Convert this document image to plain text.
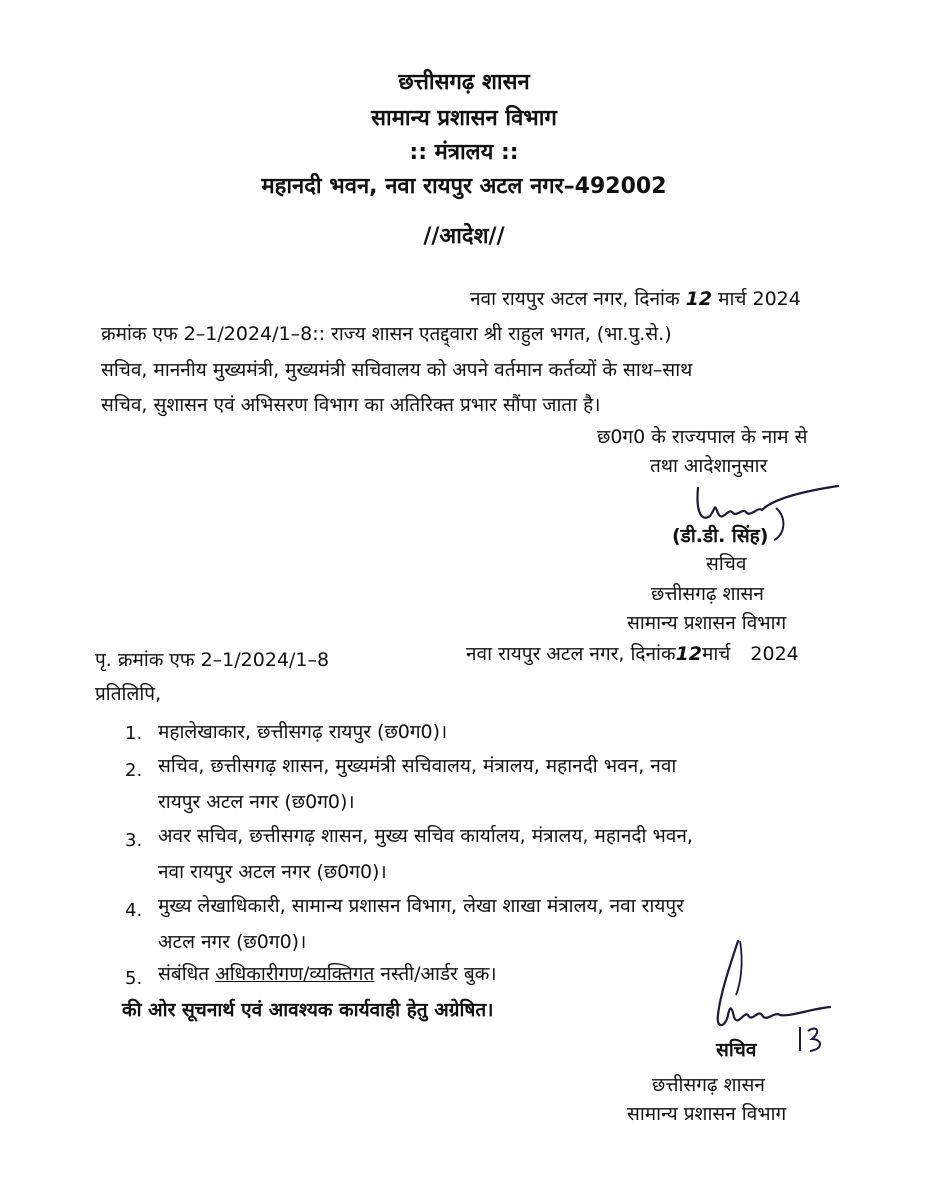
छत्तीसगढ़ शासन
सामान्य प्रशासन विभाग
:: मंत्रालय ::
महानदी भवन, नवा रायपुर अटल नगर–492002
//आदेश//
नवा रायपुर अटल नगर, दिनांक 12 मार्च 2024
क्रमांक एफ 2–1/2024/1–8:: राज्य शासन एतद्द्वारा श्री राहुल भगत, (भा.पु.से.)
सचिव, माननीय मुख्यमंत्री, मुख्यमंत्री सचिवालय को अपने वर्तमान कर्तव्यों के साथ–साथ
सचिव, सुशासन एवं अभिसरण विभाग का अतिरिक्त प्रभार सौंपा जाता है।
छ0ग0 के राज्यपाल के नाम से
तथा आदेशानुसार
(डी.डी. सिंह)
सचिव
छत्तीसगढ़ शासन
सामान्य प्रशासन विभाग
पृ. क्रमांक एफ 2–1/2024/1–8	नवा रायपुर अटल नगर, दिनांक12मार्च 2024
प्रतिलिपि,
1. महालेखाकार, छत्तीसगढ़ रायपुर (छ0ग0)।
2. सचिव, छत्तीसगढ़ शासन, मुख्यमंत्री सचिवालय, मंत्रालय, महानदी भवन, नवा
रायपुर अटल नगर (छ0ग0)।
3. अवर सचिव, छत्तीसगढ़ शासन, मुख्य सचिव कार्यालय, मंत्रालय, महानदी भवन,
नवा रायपुर अटल नगर (छ0ग0)।
4. मुख्य लेखाधिकारी, सामान्य प्रशासन विभाग, लेखा शाखा मंत्रालय, नवा रायपुर
अटल नगर (छ0ग0)।
5. संबंधित अधिकारीगण/व्यक्तिगत नस्ती/आर्डर बुक।
की ओर सूचनार्थ एवं आवश्यक कार्यवाही हेतु अग्रेषित।
सचिव
छत्तीसगढ़ शासन
सामान्य प्रशासन विभाग
